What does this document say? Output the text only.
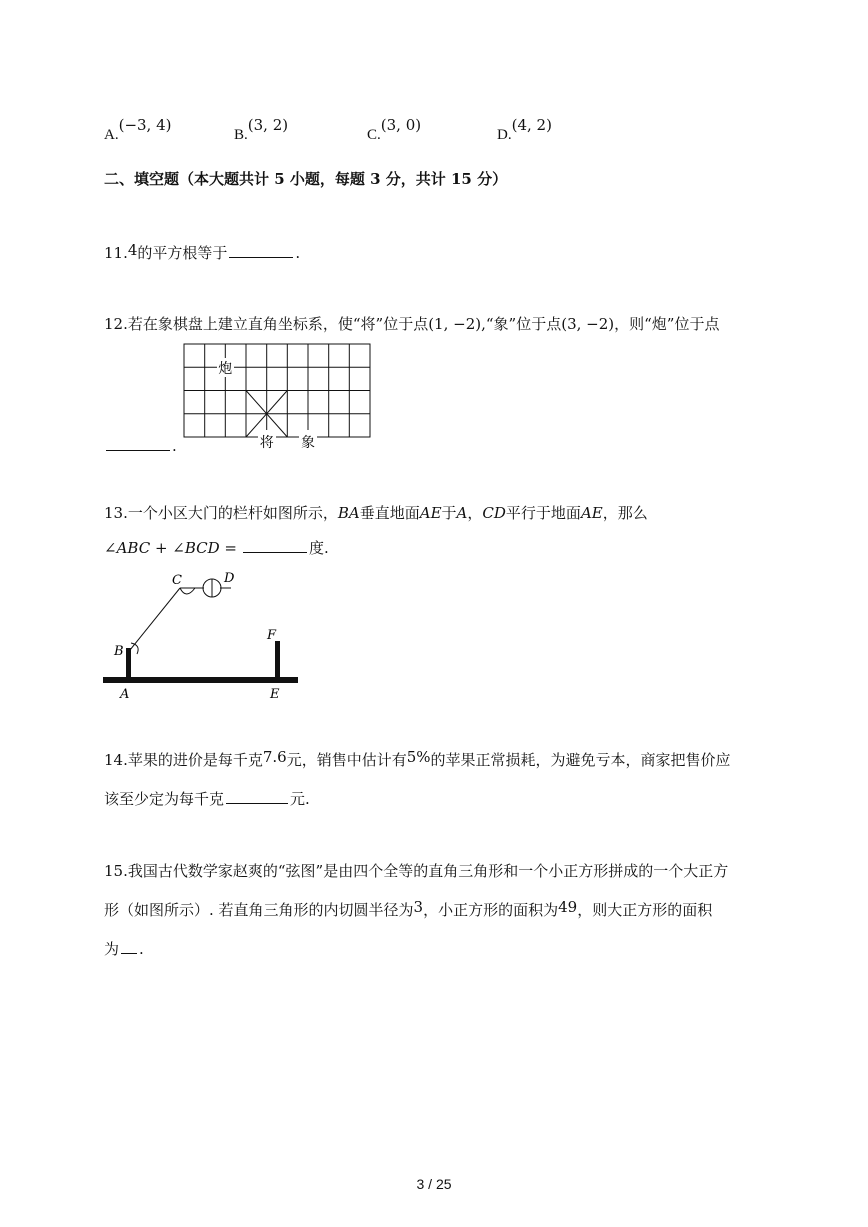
A.(−3, 4)
B.(3, 2)
C.(3, 0)
D.(4, 2)
二、填空题（本大题共计 5 小题，每题 3 分，共计 15 分）
11.4的平方根等于	.
12.若在象棋盘上建立直角坐标系，使“将”位于点(1, −2),“象”位于点(3, −2)，则“炮”位于点
炮
将 象
.
13.一个小区大门的栏杆如图所示，BA垂直地面AE于A，CD平行于地面AE，那么
∠ABC + ∠BCD =	度.
C	D
B
F
A	E
14.苹果的进价是每千克7.6元，销售中估计有5%的苹果正常损耗，为避免亏本，商家把售价应
该至少定为每千克	元.
15.我国古代数学家赵爽的“弦图”是由四个全等的直角三角形和一个小正方形拼成的一个大正方
形（如图所示）. 若直角三角形的内切圆半径为3，小正方形的面积为49，则大正方形的面积
为 .
3 / 25
